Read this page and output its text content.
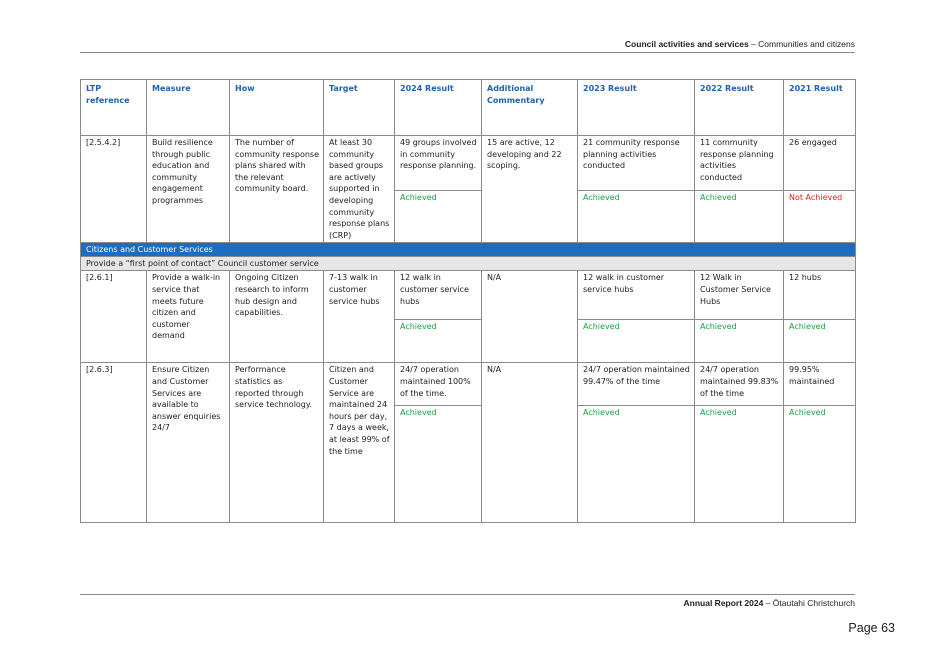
Council activities and services – Communities and citizens
LTP reference	Measure	How	Target	2024 Result	Additional Commentary	2023 Result	2022 Result	2021 Result
[2.5.4.2]	Build resilience through public education and community engagement programmes	The number of community response plans shared with the relevant community board.	At least 30 community based groups are actively supported in developing community response plans (CRP)	49 groups involved in community response planning.	15 are active, 12 developing and 22 scoping.	21 community response planning activities conducted	11 community response planning activities conducted	26 engaged
				Achieved		Achieved	Achieved	Not Achieved
Citizens and Customer Services								
Provide a “first point of contact” Council customer service								
[2.6.1]	Provide a walk-in service that meets future citizen and customer demand	Ongoing Citizen research to inform hub design and capabilities.	7-13 walk in customer service hubs	12 walk in customer service hubs	N/A	12 walk in customer service hubs	12 Walk in Customer Service Hubs	12 hubs
				Achieved		Achieved	Achieved	Achieved
[2.6.3]	Ensure Citizen and Customer Services are available to answer enquiries 24/7	Performance statistics as reported through service technology.	Citizen and Customer Service are maintained 24 hours per day, 7 days a week, at least 99% of the time	24/7 operation maintained 100% of the time.	N/A	24/7 operation maintained 99.47% of the time	24/7 operation maintained 99.83% of the time	99.95% maintained
				Achieved		Achieved	Achieved	Achieved
Annual Report 2024 – Ōtautahi Christchurch
Page 63
